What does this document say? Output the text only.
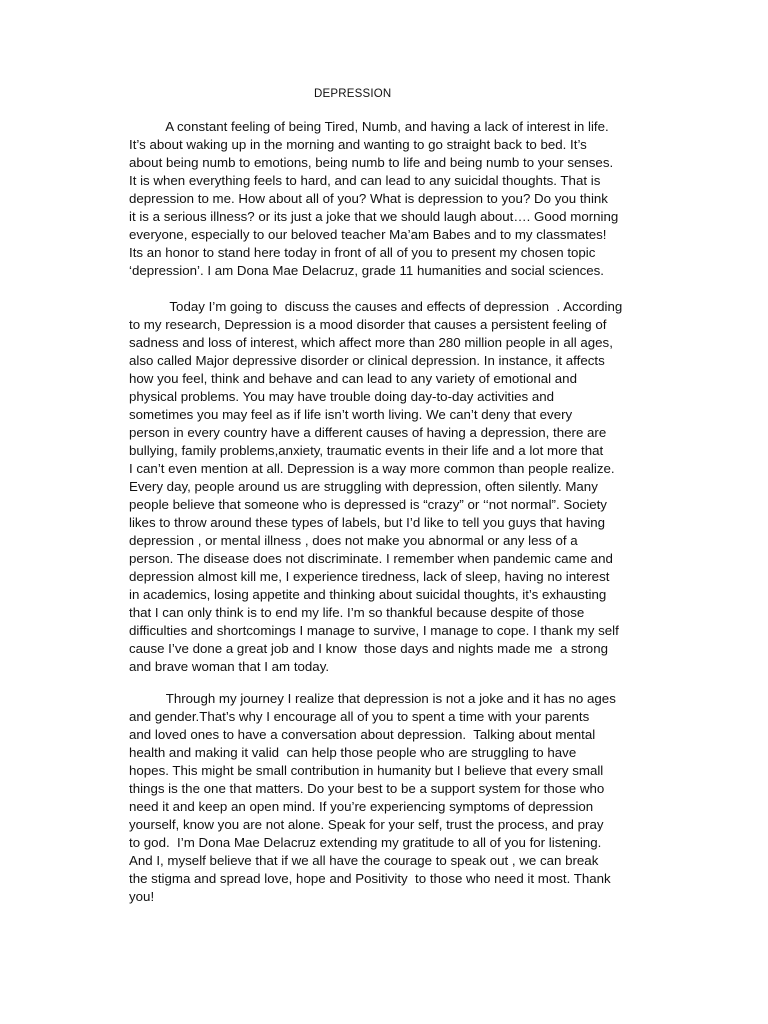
DEPRESSION

A constant feeling of being Tired, Numb, and having a lack of interest in life.
It’s about waking up in the morning and wanting to go straight back to bed. It’s
about being numb to emotions, being numb to life and being numb to your senses.
It is when everything feels to hard, and can lead to any suicidal thoughts. That is
depression to me. How about all of you? What is depression to you? Do you think
it is a serious illness? or its just a joke that we should laugh about…. Good morning
everyone, especially to our beloved teacher Ma’am Babes and to my classmates!
Its an honor to stand here today in front of all of you to present my chosen topic
‘depression’. I am Dona Mae Delacruz, grade 11 humanities and social sciences.

Today I’m going to  discuss the causes and effects of depression  . According
to my research, Depression is a mood disorder that causes a persistent feeling of
sadness and loss of interest, which affect more than 280 million people in all ages,
also called Major depressive disorder or clinical depression. In instance, it affects
how you feel, think and behave and can lead to any variety of emotional and
physical problems. You may have trouble doing day-to-day activities and
sometimes you may feel as if life isn’t worth living. We can’t deny that every
person in every country have a different causes of having a depression, there are
bullying, family problems,anxiety, traumatic events in their life and a lot more that
I can’t even mention at all. Depression is a way more common than people realize.
Every day, people around us are struggling with depression, often silently. Many
people believe that someone who is depressed is “crazy” or ‘‘not normal”. Society
likes to throw around these types of labels, but I’d like to tell you guys that having
depression , or mental illness , does not make you abnormal or any less of a
person. The disease does not discriminate. I remember when pandemic came and
depression almost kill me, I experience tiredness, lack of sleep, having no interest
in academics, losing appetite and thinking about suicidal thoughts, it’s exhausting
that I can only think is to end my life. I’m so thankful because despite of those
difficulties and shortcomings I manage to survive, I manage to cope. I thank my self
cause I’ve done a great job and I know  those days and nights made me  a strong
and brave woman that I am today.

Through my journey I realize that depression is not a joke and it has no ages
and gender.That’s why I encourage all of you to spent a time with your parents
and loved ones to have a conversation about depression.  Talking about mental
health and making it valid  can help those people who are struggling to have
hopes. This might be small contribution in humanity but I believe that every small
things is the one that matters. Do your best to be a support system for those who
need it and keep an open mind. If you’re experiencing symptoms of depression
yourself, know you are not alone. Speak for your self, trust the process, and pray
to god.  I’m Dona Mae Delacruz extending my gratitude to all of you for listening.
And I, myself believe that if we all have the courage to speak out , we can break
the stigma and spread love, hope and Positivity  to those who need it most. Thank
you!
